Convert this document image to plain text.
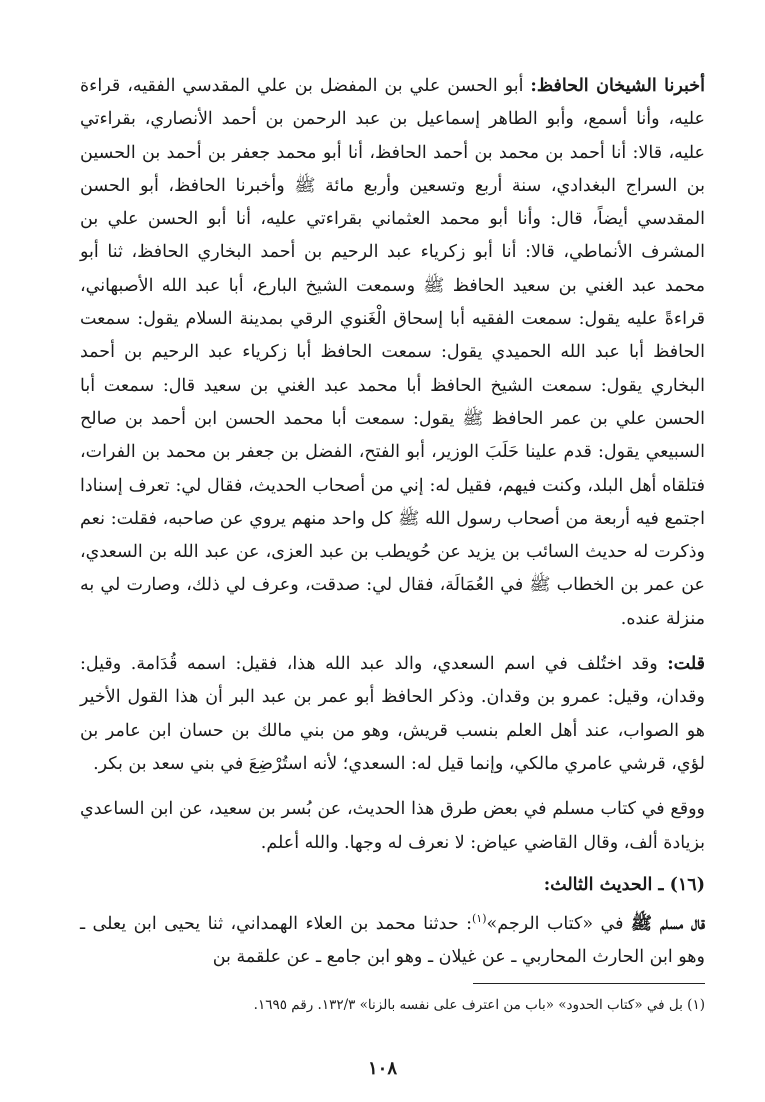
أخبرنا الشيخان الحافظ: أبو الحسن علي بن المفضل بن علي المقدسي الفقيه، قراءة عليه، وأنا أسمع، وأبو الطاهر إسماعيل بن عبد الرحمن بن أحمد الأنصاري، بقراءتي عليه، قالا: أنا أحمد بن محمد بن أحمد الحافظ، أنا أبو محمد جعفر بن أحمد بن الحسين بن السراج البغدادي، سنة أربع وتسعين وأربع مائة ﷺ وأخبرنا الحافظ، أبو الحسن المقدسي أيضاً، قال: وأنا أبو محمد العثماني بقراءتي عليه، أنا أبو الحسن علي بن المشرف الأنماطي، قالا: أنا أبو زكرياء عبد الرحيم بن أحمد البخاري الحافظ، ثنا أبو محمد عبد الغني بن سعيد الحافظ ﷺ وسمعت الشيخ البارع، أبا عبد الله الأصبهاني، قراءةً عليه يقول: سمعت الفقيه أبا إسحاق الْغَنوي الرقي بمدينة السلام يقول: سمعت الحافظ أبا عبد الله الحميدي يقول: سمعت الحافظ أبا زكرياء عبد الرحيم بن أحمد البخاري يقول: سمعت الشيخ الحافظ أبا محمد عبد الغني بن سعيد قال: سمعت أبا الحسن علي بن عمر الحافظ ﷺ يقول: سمعت أبا محمد الحسن ابن أحمد بن صالح السبيعي يقول: قدم علينا حَلَبَ الوزير، أبو الفتح، الفضل بن جعفر بن محمد بن الفرات، فتلقاه أهل البلد، وكنت فيهم، فقيل له: إني من أصحاب الحديث، فقال لي: تعرف إسنادا اجتمع فيه أربعة من أصحاب رسول الله ﷺ كل واحد منهم يروي عن صاحبه، فقلت: نعم وذكرت له حديث السائب بن يزيد عن حُويطب بن عبد العزى، عن عبد الله بن السعدي، عن عمر بن الخطاب ﷺ في العُمَالَة، فقال لي: صدقت، وعرف لي ذلك، وصارت لي به منزلة عنده.

قلت: وقد اختُلف في اسم السعدي، والد عبد الله هذا، فقيل: اسمه قُدَامة. وقيل: وقدان، وقيل: عمرو بن وقدان. وذكر الحافظ أبو عمر بن عبد البر أن هذا القول الأخير هو الصواب، عند أهل العلم بنسب قريش، وهو من بني مالك بن حسان ابن عامر بن لؤي، قرشي عامري مالكي، وإنما قيل له: السعدي؛ لأنه استُرْضِعَ في بني سعد بن بكر.

ووقع في كتاب مسلم في بعض طرق هذا الحديث، عن بُسر بن سعيد، عن ابن الساعدي بزيادة ألف، وقال القاضي عياض: لا نعرف له وجها. والله أعلم.

(١٦) ـ الحديث الثالث:

قال مسلم ﷺ في «كتاب الرجم»$^{(١)}$: حدثنا محمد بن العلاء الهمداني، ثنا يحيى ابن يعلى ـ وهو ابن الحارث المحاربي ـ عن غيلان ـ وهو ابن جامع ـ عن علقمة بن

(١) بل في «كتاب الحدود» «باب من اعترف على نفسه بالزنا» ١٣٢/٣. رقم ١٦٩٥.
١٠٨
